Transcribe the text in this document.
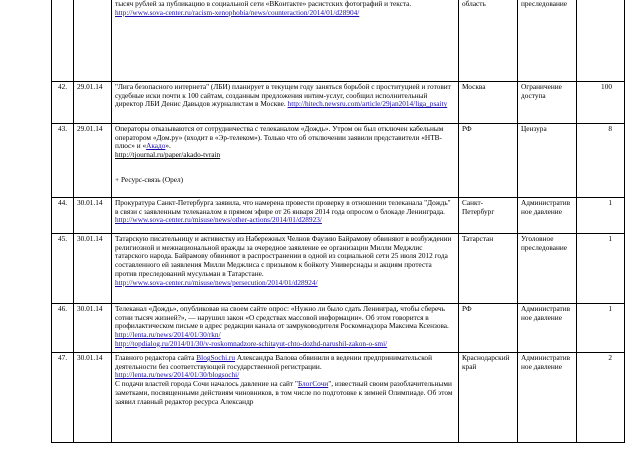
		тысяч рублей за публикацию в социальной сети «ВКонтакте» расистских фотографий и текста.
http://www.sova-center.ru/racism-xenophobia/news/counteraction/2014/01/d28904/	область	преследование	
42.	29.01.14	"Лига безопасного интернета" (ЛБИ) планирует в текущем году заняться борьбой с проституцией и готовит судебные иски почти к 100 сайтам, созданным предложения интим-услуг, сообщил исполнительный директор ЛБИ Денис Давыдов журналистам в Москве. http://hitech.newsru.com/article/29jan2014/liga_psaity	Москва	Ограничение доступа	100
43.	29.01.14	Операторы отказываются от сотрудничества с телеканалом «Дождь». Утром он был отключен кабельным оператором «Дом.ру» (входит в «Эр-телеком»). Только что об отключении заявили представители «НТВ-плюс» и «Акадо».
http://tjournal.ru/paper/akado-tvrain
+ Ресурс-связь (Орел)	РФ	Цензура	8
44.	30.01.14	Прокуратура Санкт-Петербурга заявила, что намерена провести проверку в отношении телеканала "Дождь" в связи с заявленным телеканалом в прямом эфире от 26 января 2014 года опросом о блокаде Ленинграда.
http://www.sova-center.ru/misuse/news/other-actions/2014/01/d28923/	Санкт-Петербург	Административное давление	1
45.	30.01.14	Татарскую писательницу и активистку из Набережных Челнов Фаузию Байрамову обвиняют в возбуждении религиозной и межнациональной вражды за очередное заявление ее организации Милли Меджлис татарского народа. Байрамову обвиняют в распространении в одной из социальной сети 25 июля 2012 года составленного ей заявления Милли Меджлиса с призывом к бойкоту Универсиады и акциям протеста против преследований мусульман в Татарстане.
http://www.sova-center.ru/misuse/news/persecution/2014/01/d28924/	Татарстан	Уголовное преследование	1
46.	30.01.14	Телеканал «Дождь», опубликовав на своем сайте опрос: «Нужно ли было сдать Ленинград, чтобы сберечь сотни тысяч жизней?», — нарушил закон «О средствах массовой информации». Об этом говорится в профилактическом письме в адрес редакции канала от замруководителя Роскомнадзора Максима Ксензова.
http://lenta.ru/news/2014/01/30/rkn/
http://topdialog.ru/2014/01/30/v-roskomnadzore-schitayut-chto-dozhd-narushil-zakon-o-smi/	РФ	Административное давление	1
47.	30.01.14	Главного редактора сайта BlogSochi.ru Александра Валова обвинили в ведении предпринимательской деятельности без соответствующей государственной регистрации.
http://lenta.ru/news/2014/01/30/blogsochi/
С подачи властей города Сочи началось давление на сайт "БлогСочи", известный своим разоблачительными заметками, посвященными действиям чиновников, в том числе по подготовке к зимней Олимпиаде. Об этом заявил главный редактор ресурса Александр	Краснодарский край	Административное давление	2
